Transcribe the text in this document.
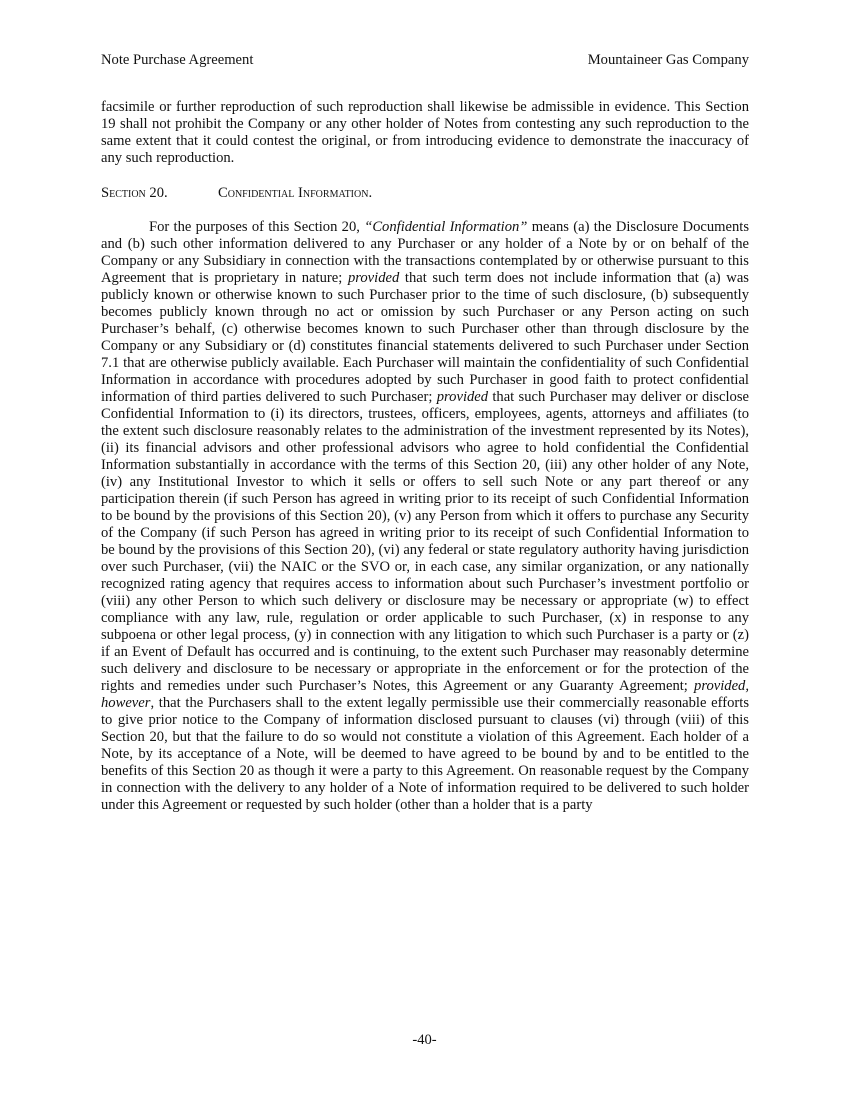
Note Purchase Agreement	Mountaineer Gas Company

facsimile or further reproduction of such reproduction shall likewise be admissible in evidence. This Section 19 shall not prohibit the Company or any other holder of Notes from contesting any such reproduction to the same extent that it could contest the original, or from introducing evidence to demonstrate the inaccuracy of any such reproduction.

Section 20.	Confidential Information.

For the purposes of this Section 20, “Confidential Information” means (a) the Disclosure Documents and (b) such other information delivered to any Purchaser or any holder of a Note by or on behalf of the Company or any Subsidiary in connection with the transactions contemplated by or otherwise pursuant to this Agreement that is proprietary in nature; provided that such term does not include information that (a) was publicly known or otherwise known to such Purchaser prior to the time of such disclosure, (b) subsequently becomes publicly known through no act or omission by such Purchaser or any Person acting on such Purchaser’s behalf, (c) otherwise becomes known to such Purchaser other than through disclosure by the Company or any Subsidiary or (d) constitutes financial statements delivered to such Purchaser under Section 7.1 that are otherwise publicly available. Each Purchaser will maintain the confidentiality of such Confidential Information in accordance with procedures adopted by such Purchaser in good faith to protect confidential information of third parties delivered to such Purchaser; provided that such Purchaser may deliver or disclose Confidential Information to (i) its directors, trustees, officers, employees, agents, attorneys and affiliates (to the extent such disclosure reasonably relates to the administration of the investment represented by its Notes), (ii) its financial advisors and other professional advisors who agree to hold confidential the Confidential Information substantially in accordance with the terms of this Section 20, (iii) any other holder of any Note, (iv) any Institutional Investor to which it sells or offers to sell such Note or any part thereof or any participation therein (if such Person has agreed in writing prior to its receipt of such Confidential Information to be bound by the provisions of this Section 20), (v) any Person from which it offers to purchase any Security of the Company (if such Person has agreed in writing prior to its receipt of such Confidential Information to be bound by the provisions of this Section 20), (vi) any federal or state regulatory authority having jurisdiction over such Purchaser, (vii) the NAIC or the SVO or, in each case, any similar organization, or any nationally recognized rating agency that requires access to information about such Purchaser’s investment portfolio or (viii) any other Person to which such delivery or disclosure may be necessary or appropriate (w) to effect compliance with any law, rule, regulation or order applicable to such Purchaser, (x) in response to any subpoena or other legal process, (y) in connection with any litigation to which such Purchaser is a party or (z) if an Event of Default has occurred and is continuing, to the extent such Purchaser may reasonably determine such delivery and disclosure to be necessary or appropriate in the enforcement or for the protection of the rights and remedies under such Purchaser’s Notes, this Agreement or any Guaranty Agreement; provided, however, that the Purchasers shall to the extent legally permissible use their commercially reasonable efforts to give prior notice to the Company of information disclosed pursuant to clauses (vi) through (viii) of this Section 20, but that the failure to do so would not constitute a violation of this Agreement. Each holder of a Note, by its acceptance of a Note, will be deemed to have agreed to be bound by and to be entitled to the benefits of this Section 20 as though it were a party to this Agreement. On reasonable request by the Company in connection with the delivery to any holder of a Note of information required to be delivered to such holder under this Agreement or requested by such holder (other than a holder that is a party

-40-
